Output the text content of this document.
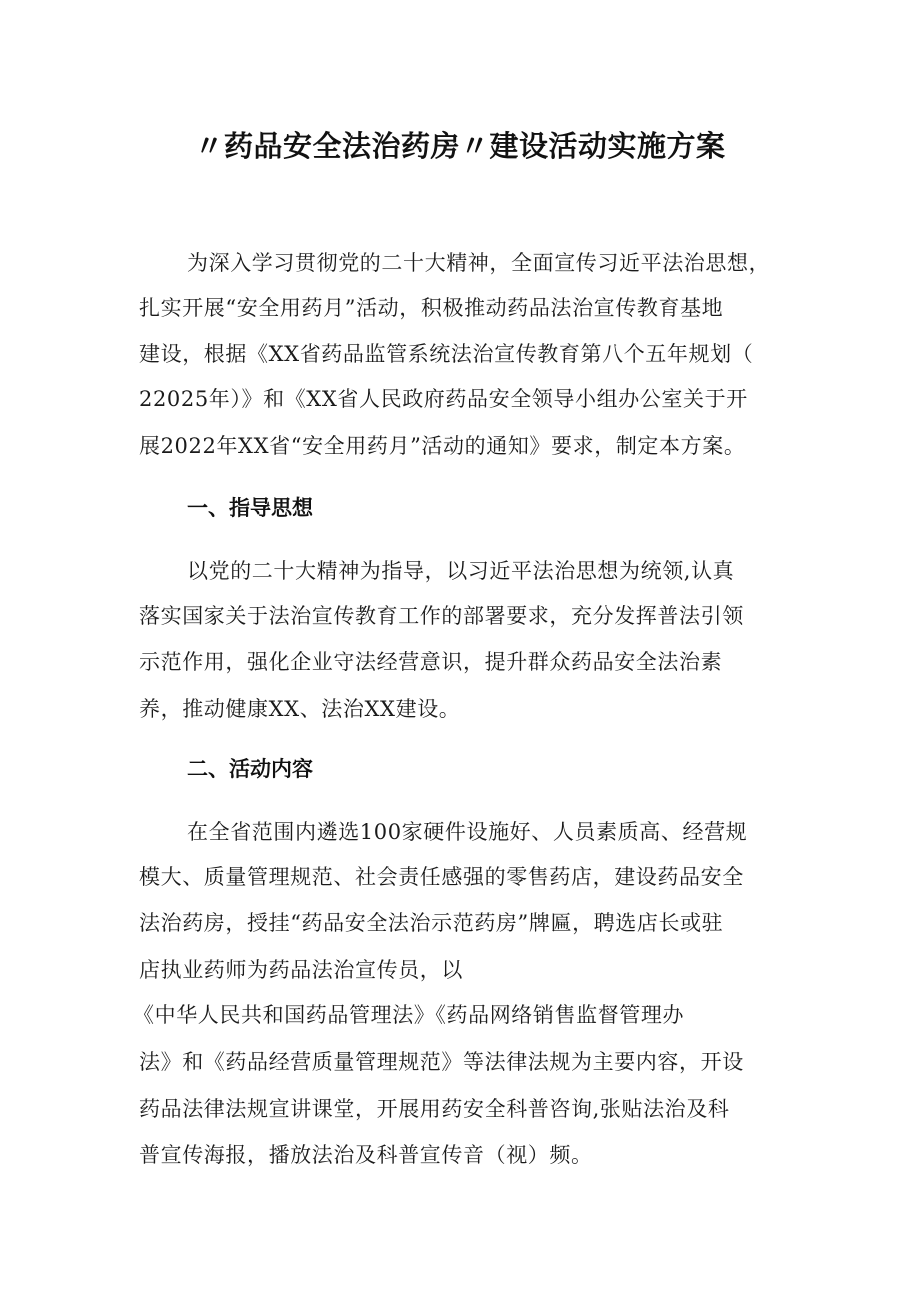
〃药品安全法治药房〃建设活动实施方案
为深入学习贯彻党的二十大精神，全面宣传习近平法治思想，
扎实开展“安全用药月”活动，积极推动药品法治宣传教育基地
建设，根据《XX省药品监管系统法治宣传教育第八个五年规划（
22025年）》和《XX省人民政府药品安全领导小组办公室关于开
展2022年XX省“安全用药月”活动的通知》要求，制定本方案。
一、指导思想
以党的二十大精神为指导，以习近平法治思想为统领,认真
落实国家关于法治宣传教育工作的部署要求，充分发挥普法引领
示范作用，强化企业守法经营意识，提升群众药品安全法治素
养，推动健康XX、法治XX建设。
二、活动内容
在全省范围内遴选100家硬件设施好、人员素质高、经营规
模大、质量管理规范、社会责任感强的零售药店，建设药品安全
法治药房，授挂“药品安全法治示范药房”牌匾，聘选店长或驻
店执业药师为药品法治宣传员，以
《中华人民共和国药品管理法》《药品网络销售监督管理办
法》和《药品经营质量管理规范》等法律法规为主要内容，开设
药品法律法规宣讲课堂，开展用药安全科普咨询,张贴法治及科
普宣传海报，播放法治及科普宣传音（视）频。
